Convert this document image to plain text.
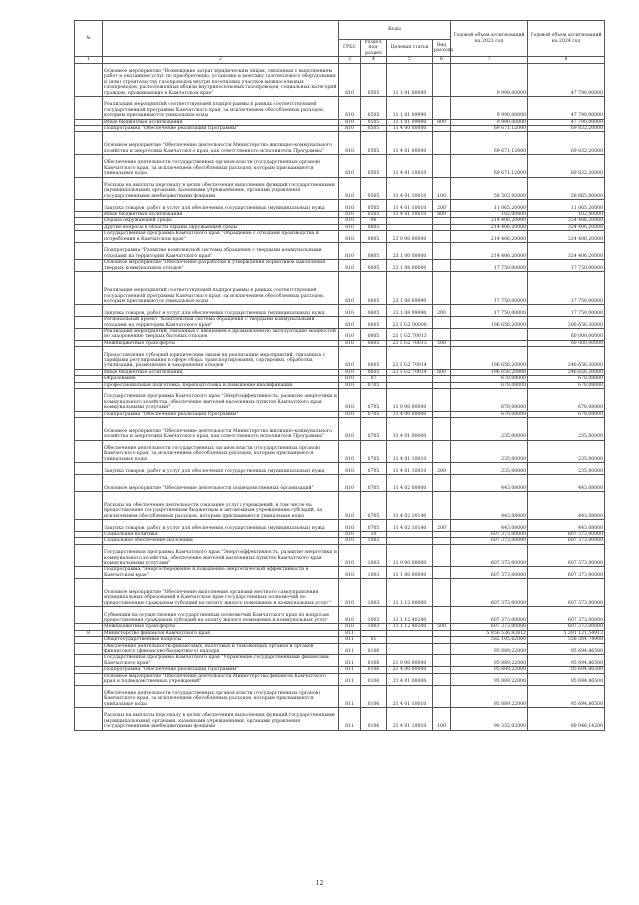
№		Коды				Годовой объем ассигнований на 2023 год	Годовой объем ассигнований на 2024 год
		ГРБС	Раздел, под-раздел	Целевая статья	Вид расхода		
1	2	3	4	5	6	7	8
	Основное мероприятие "Возмещение затрат юридическим лицам, связанных с выполнением работ и оказанием услуг по приобретению, установке и монтажу газотеплового оборудования и (или) строительству газопроводов внутри поселковых участков межпоселковых газопроводов, расположенных вблизи внутрипоселковых газопроводов, социальных категорий граждан, проживающих в Камчатском крае"	810	0505	11 1 01 00000		9 990,00000	47 790,00000
	Реализация мероприятий соответствующей подпрограммы в рамках соответствующей государственной программы Камчатского края, за исключением обособленных расходов, которым присваиваются уникальные коды	810	0505	11 1 01 09990		9 990,00000	47 790,00000
	Иные бюджетные ассигнования	810	0505	11 1 01 09990	800	9 990,00000	47 790,00000
	Подпрограмма "Обеспечение реализации Программы"	810	0505	11 4 00 00000		69 671,12000	69 832,20000
	Основное мероприятие "Обеспечение деятельности Министерства жилищно-коммунального хозяйства и энергетики Камчатского края, как ответственного исполнителя Программы"	810	0505	11 4 01 00000		69 671,12000	69 832,20000
	Обеспечение деятельности государственных органов власти (государственных органов) Камчатского края, за исключением обособленных расходов, которым присваиваются уникальные коды	810	0505	11 4 01 10010		69 671,12000	69 832,20000
	Расходы на выплаты персоналу в целях обеспечения выполнения функций государственными (муниципальными) органами, казенными учреждениями, органами управления государственными внебюджетными фондами	810	0505	11 4 01 10010	100	58 503,92000	58 665,00000
	Закупка товаров, работ и услуг для обеспечения государственных (муниципальных) нужд	810	0505	11 4 01 10010	200	11 065,20000	11 065,20000
	Иные бюджетные ассигнования	810	0505	11 4 01 10010	800	102,00000	102,00000
	Охрана окружающей среды	810	06			214 406,20000	324 406,20000
	Другие вопросы в области охраны окружающей среды	810	0605			214 406,20000	324 406,20000
	Государственная программа Камчатского края "Обращение с отходами производства и потребления в Камчатском крае"	810	0605	23 0 00 00000		214 406,20000	324 406,20000
	Подпрограмма "Развитие комплексной системы обращения с твердыми коммунальными отходами на территории Камчатского края"	810	0605	23 1 00 00000		214 406,20000	324 406,20000
	Основное мероприятие "Обеспечение разработки и утверждения нормативов накопления твердых коммунальных отходов"	810	0605	23 1 08 00000		17 750,00000	17 750,00000
	Реализация мероприятий соответствующей подпрограммы в рамках соответствующей государственной программы Камчатского края, за исключением обособленных расходов, которым присваиваются уникальные коды	810	0605	23 1 08 09990		17 750,00000	17 750,00000
	Закупка товаров, работ и услуг для обеспечения государственных (муниципальных) нужд	810	0605	23 1 08 09990	200	17 750,00000	17 750,00000
	Региональный проект "Комплексная система обращения с твердыми коммунальными отходами на территории Камчатского края"	810	0605	23 1 G2 00000		196 656,20000	306 656,20000
	Реализация мероприятий, связанных с введением в промышленную эксплуатацию мощностей по захоронению твердых бытовых отходов	810	0605	23 1 G2 70013			60 000,00000
	Межбюджетные трансферты	810	0605	23 1 G2 70013	500		60 000,00000
	Предоставление субсидий юридическим лицам на реализацию мероприятий, связанных с тарифами регулирования в сфере сбора, транспортирования, сортировки, обработки, утилизации, размещения и захоронения отходов	810	0605	23 1 G2 70014		196 656,20000	246 656,20000
	Иные бюджетные ассигнования	810	0605	23 1 G2 70014	800	196 656,20000	246 656,20000
	Образование	810	07			678,08000	678,08000
	Профессиональная подготовка, переподготовка и повышение квалификации	810	0705			678,08000	678,08000
	Государственная программа Камчатского края "Энергоэффективность, развитие энергетики и коммунального хозяйства, обеспечение жителей населенных пунктов Камчатского края коммунальными услугами"	810	0705	11 0 00 00000		678,08000	678,08000
	Подпрограмма "Обеспечение реализации Программы"	810	0705	11 4 00 00000		678,08000	678,08000
	Основное мероприятие "Обеспечение деятельности Министерства жилищно-коммунального хозяйства и энергетики Камчатского края, как ответственного исполнителя Программы"	810	0705	11 4 01 00000		235,00000	235,00000
	Обеспечение деятельности государственных органов власти (государственных органов) Камчатского края, за исключением обособленных расходов, которым присваиваются уникальные коды	810	0705	11 4 01 10010		235,00000	235,00000
	Закупка товаров, работ и услуг для обеспечения государственных (муниципальных) нужд	810	0705	11 4 01 10010	200	235,00000	235,00000
	Основное мероприятие "Обеспечение деятельности подведомственных организаций"	810	0705	11 4 02 00000		443,08000	443,08000
	Расходы на обеспечение деятельности (оказание услуг) учреждений, в том числе на предоставление государственным бюджетным и автономным учреждениям субсидий, за исключением обособленных расходов, которым присваиваются уникальные коды	810	0705	11 4 02 10140		443,08000	443,08000
	Закупка товаров, работ и услуг для обеспечения государственных (муниципальных) нужд	810	0705	11 4 02 10140	200	443,08000	443,08000
	Социальная политика	810	10			607 373,00000	607 373,00000
	Социальное обеспечение населения	810	1003			607 373,00000	607 373,00000
	Государственная программа Камчатского края "Энергоэффективность, развитие энергетики и коммунального хозяйства, обеспечение жителей населенных пунктов Камчатского края коммунальными услугами"	810	1003	11 0 00 00000		607 373,00000	607 373,00000
	Подпрограмма "Энергосбережение и повышение энергетической эффективности в Камчатском крае"	810	1003	11 1 00 00000		607 373,00000	607 373,00000
	Основное мероприятие "Обеспечение выполнения органами местного самоуправления муниципальных образований в Камчатском крае государственных полномочий по предоставлению гражданам субсидий на оплату жилого помещения и коммунальных услуг"	810	1003	11 1 12 00000		607 373,00000	607 373,00000
	Субвенции на осуществление государственных полномочий Камчатского края по вопросам предоставления гражданам субсидий на оплату жилого помещения и коммунальных услуг	810	1003	11 1 12 40240		607 373,00000	607 373,00000
	Межбюджетные трансферты	810	1003	11 1 12 40240	500	607 373,00000	607 373,00000
9	Министерство финансов Камчатского края	811				5 856 536,83812	5 291 121,54913
	Общегосударственные вопросы	811	01			582 105,62000	558 384,74900
	Обеспечение деятельности финансовых, налоговых и таможенных органов и органов финансового (финансово-бюджетного) надзора	811	0106			95 889,22000	95 694,86500
	Государственная программа Камчатского края "Управление государственными финансами Камчатского края"	811	0106	21 0 00 00000		95 889,22000	95 694,86500
	Подпрограмма "Обеспечение реализации Программы"	811	0106	21 4 00 00000		95 889,22000	95 694,86500
	Основное мероприятие "Обеспечение деятельности Министерства финансов Камчатского края и подведомственных учреждений"	811	0106	21 4 01 00000		95 889,22000	95 694,86500
	Обеспечение деятельности государственных органов власти (государственных органов) Камчатского края, за исключением обособленных расходов, которым присваиваются уникальные коды	811	0106	21 4 01 10010		95 889,22000	95 694,86500
	Расходы на выплаты персоналу в целях обеспечения выполнения функций государственными (муниципальными) органами, казенными учреждениями, органами управления государственными внебюджетными фондами	811	0106	21 4 01 10010	100	90 332,02000	89 946,14200
12
